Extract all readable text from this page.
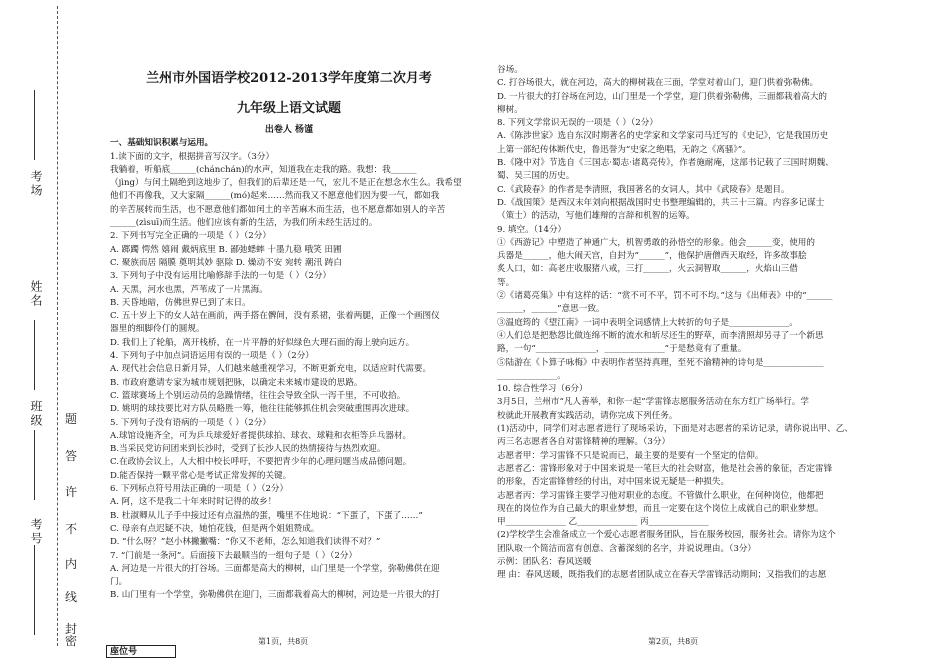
考场
姓名
班级
考号
密
封
线
内
不
许
答
题
座位号
兰州市外国语学校2012-2013学年度第二次月考
九年级上语文试题
出卷人 杨谨

一、基础知识积累与运用。

1.读下面的文字，根据拼音写汉字。（3分）

我躺着，听船底______(chánchán)的水声，知道我在走我的路。我想：我______

（jìng）与闰土隔绝到这地步了，但我们的后辈还是一气，宏儿不是正在想念水生么。我希望

他们不再像我，又大家隔______(mó)起来……然而我又不愿意他们因为要一气，都如我

的辛苦展转而生活，也不愿意他们都如闰土的辛苦麻木而生活，也不愿意都如别人的辛苦

______(zìsuī)而生活。他们应该有新的生活，为我们所未经生活过的。

2. 下列书写完全正确的一项是（ ）（2分）

A. 踯躅 愕然 嬉闹 戴炳底里 B. 鄙弛蟋蟀 十墨九稳 哦笑 田圃

C. 聚族而居 隔膜 奠明其妙 驱除 D. 燥动不安 宛转 潮汛 踌白

3. 下列句子中没有运用比喻修辞手法的一句是（ ）（2分）

A. 天黑，河水也黑，芦苇成了一片黑海。

B. 天昏地暗，仿佛世界已到了末日。

C. 五十岁上下的女人站在画前，两手搭在髀间，没有系裙，张着两腿，正像一个画图仪

器里的细脚伶仃的圆规。

D. 我们上了轮船，离开栈桥，在一片平静的好似绿色大理石面的海上驶向远方。

4. 下列句子中加点词语运用有误的一项是（ ）（2分）

A. 现代社会信息日新月异，人们越来越重视学习，不断更新充电，以适应时代需要。

B. 市政府邀请专家为城市规划把脉，以确定未来城市建设的思路。

C. 篮球赛场上个别运动员的急躁情绪，往往会导致全队一泻千里，不可收拾。

D. 姚明的球技要比对方队员略胜一筹，他往往能够抓住机会突破重围再次进球。

5. 下列句子没有语病的一项是（ ）（2分）

A.球馆设施齐全，可为乒乓球爱好者提供球拍、球衣、球鞋和衣柜等乒乓器材。

B.当采民党访问团来到长沙时，受到了长沙人民的热情接待与热烈欢迎。

C.在政协会议上，人大相中校长呼吁，不要把青少年的心理问题当成品德问题。

D.能否保持一颗平常心是考试正常发挥的关键。

6. 下列标点符号用法正确的一项是（ ）（2分）

A. 阿，这不是我二十年来时时记得的故乡！

B. 杜淑卿从儿子手中接过还有点温热的蛋，嘴里不住地说：“下蛋了，下蛋了……”

C. 母亲有点迟疑不决，她怕花钱，但是两个姐姐赞成。

D. “什么呀？”赵小林撇撇嘴：“你又不老师，怎么知道我们读得不对？”

7. “门前是一条河”。后面接下去最顺当的一组句子是（ ）（2分）

A. 河边是一片很大的打谷场。三面都是高大的柳树，山门里是一个学堂，弥勒佛供在迎

门。

B. 山门里有一个学堂，弥勒佛供在迎门，三面都栽着高大的柳树，河边是一片很大的打

谷场。

C. 打谷场很大，就在河边，高大的柳树栽在三面，学堂对着山门，迎门供着弥勒佛。

D. 一片很大的打谷场在河边，山门里是一个学堂，迎门供着弥勒佛，三面都栽着高大的

柳树。

8. 下列文学常识无误的一项是（ ）（2分）

A.《陈涉世家》选自东汉时期著名的史学家和文学家司马迁写的《史记》，它是我国历史

上第一部纪传体断代史，鲁迅誉为“史家之绝唱，无韵之《离骚》”。

B.《隆中对》节选自《三国志·蜀志·诸葛亮传》，作者施耐庵，这部书记载了三国时期魏、

蜀、吴三国的历史。

C.《武陵春》的作者是李清照，我国著名的女词人，其中《武陵春》是题目。

D.《战国策》是西汉末年刘向根据战国时史书整理编辑的，共三十三篇。内容多记谋士

（策士）的活动，写他们雄辩的言辞和机智的运筹。

9. 填空。（14分）

①《西游记》中塑造了神通广大，机智勇敢的孙悟空的形象。他会______变，使用的

兵器是______，他大闹天宫，自封为“______”，他保护唐僧西天取经，许多故事脍

炙人口，如：高老庄收服猪八戒，三打______，火云洞智取______，火焰山三借

等。

②《诸葛亮集》中有这样的话：“赏不可不平，罚不可不均。”这与《出师表》中的“______

______，______”意思一致。

③温庭筠的《望江南》一词中表明全词感情上大转折的句子是______________。

④人们总是把愁怨比做连绵不断的流水和斩尽还生的野草，而李清照却另寻了一个新思

路，一句“______________，______________”于是愁竟有了重量。

⑤陆游在《卜算子咏梅》中表明作者坚持真理，至死不渝精神的诗句是______________

______________。

10. 综合性学习（6分）

3月5日，兰州市“凡人善举，和你一起”学雷锋志愿服务活动在东方红广场举行。学

校就此开展教育实践活动，请你完成下列任务。

(1)活动中，同学们对志愿者进行了现场采访，下面是对志愿者的采访记录，请你说出甲、乙、

丙三名志愿者各自对雷锋精神的理解。（3分）

志愿者甲：学习雷锋不只是说而已，最主要的是要有一个坚定的信仰。

志愿者乙：雷锋形象对于中国来说是一笔巨大的社会财富，他是社会善的象征，否定雷锋

的形象，否定雷锋曾经的付出，对中国来说无疑是一种损失。

志愿者丙：学习雷锋主要学习他对职业的态度。不管做什么职业，在何种岗位，他都把

现在的岗位作为自己最大的职业梦想，而且一定要在这个岗位上成就自己的职业梦想。

甲______________ 乙______________ 丙______________

(2)学校学生会准备成立一个爱心志愿者服务团队，旨在服务校园，服务社会。请你为这个

团队取一个简洁而富有创意、含蓄深刻的名字，并说说理由。（3分）

示例：团队名：春风送暖

理 由：春风送暖，既指我们的志愿者团队成立在春天学雷锋活动期间；又指我们的志愿

第1页，共8页	第2页，共8页
